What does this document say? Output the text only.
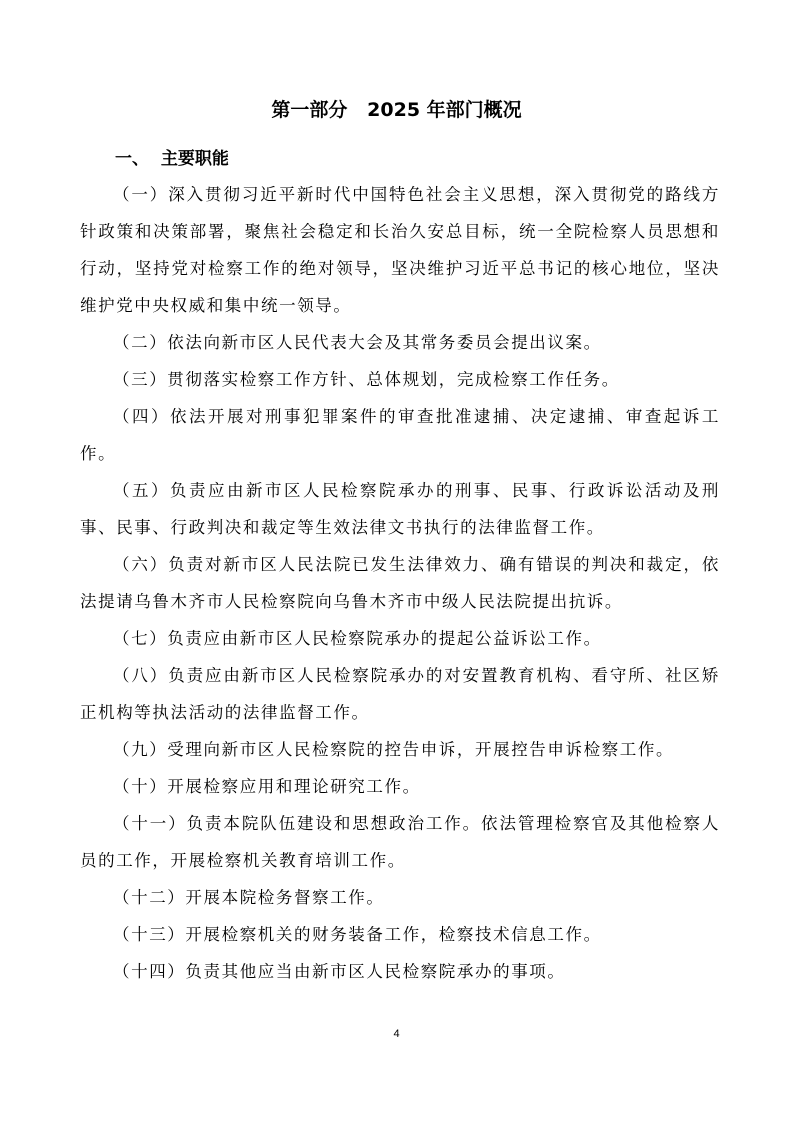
第一部分   2025 年部门概况
一、  主要职能

（一）深入贯彻习近平新时代中国特色社会主义思想，深入贯彻党的路线方针政策和决策部署，聚焦社会稳定和长治久安总目标，统一全院检察人员思想和行动，坚持党对检察工作的绝对领导，坚决维护习近平总书记的核心地位，坚决维护党中央权威和集中统一领导。

（二）依法向新市区人民代表大会及其常务委员会提出议案。

（三）贯彻落实检察工作方针、总体规划，完成检察工作任务。

（四）依法开展对刑事犯罪案件的审查批准逮捕、决定逮捕、审查起诉工作。

（五）负责应由新市区人民检察院承办的刑事、民事、行政诉讼活动及刑事、民事、行政判决和裁定等生效法律文书执行的法律监督工作。

（六）负责对新市区人民法院已发生法律效力、确有错误的判决和裁定，依法提请乌鲁木齐市人民检察院向乌鲁木齐市中级人民法院提出抗诉。

（七）负责应由新市区人民检察院承办的提起公益诉讼工作。

（八）负责应由新市区人民检察院承办的对安置教育机构、看守所、社区矫正机构等执法活动的法律监督工作。

（九）受理向新市区人民检察院的控告申诉，开展控告申诉检察工作。

（十）开展检察应用和理论研究工作。

（十一）负责本院队伍建设和思想政治工作。依法管理检察官及其他检察人员的工作，开展检察机关教育培训工作。

（十二）开展本院检务督察工作。

（十三）开展检察机关的财务装备工作，检察技术信息工作。

（十四）负责其他应当由新市区人民检察院承办的事项。

4
